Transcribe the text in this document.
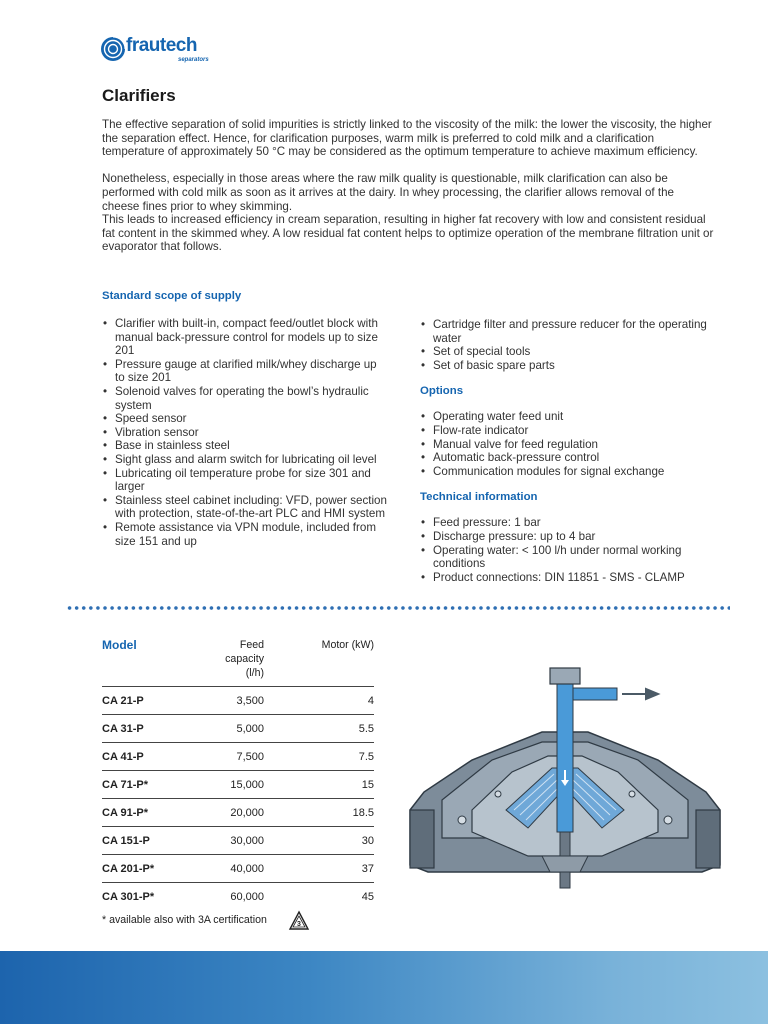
frautech
separators
Clarifiers

The effective separation of solid impurities is strictly linked to the viscosity of the milk: the lower the viscosity, the higher the separation effect. Hence, for clarification purposes, warm milk is preferred to cold milk and a clarification temperature of approximately 50 °C may be considered as the optimum temperature to achieve maximum efficiency.

Nonetheless, especially in those areas where the raw milk quality is questionable, milk clarification can also be performed with cold milk as soon as it arrives at the dairy. In whey processing, the clarifier allows removal of the cheese fines prior to whey skimming.

This leads to increased efficiency in cream separation, resulting in higher fat recovery with low and consistent residual fat content in the skimmed whey. A low residual fat content helps to optimize operation of the membrane filtration unit or evaporator that follows.

Standard scope of supply
• Clarifier with built-in, compact feed/outlet block with manual back-pressure control for models up to size 201
• Pressure gauge at clarified milk/whey discharge up to size 201
• Solenoid valves for operating the bowl’s hydraulic system
• Speed sensor
• Vibration sensor
• Base in stainless steel
• Sight glass and alarm switch for lubricating oil level
• Lubricating oil temperature probe for size 301 and larger
• Stainless steel cabinet including: VFD, power section with protection, state-of-the-art PLC and HMI system
• Remote assistance via VPN module, included from size 151 and up
• Cartridge filter and pressure reducer for the operating water
• Set of special tools
• Set of basic spare parts
Options
• Operating water feed unit
• Flow-rate indicator
• Manual valve for feed regulation
• Automatic back-pressure control
• Communication modules for signal exchange
Technical information
• Feed pressure: 1 bar
• Discharge pressure: up to 4 bar
• Operating water: < 100 l/h under normal working conditions
• Product connections: DIN 11851 - SMS - CLAMP
Model	Feed capacity (l/h)	Motor (kW)
CA 21-P	3,500	4
CA 31-P	5,000	5.5
CA 41-P	7,500	7.5
CA 71-P*	15,000	15
CA 91-P*	20,000	18.5
CA 151-P	30,000	30
CA 201-P*	40,000	37
CA 301-P*	60,000	45
* available also with 3A certification	3
